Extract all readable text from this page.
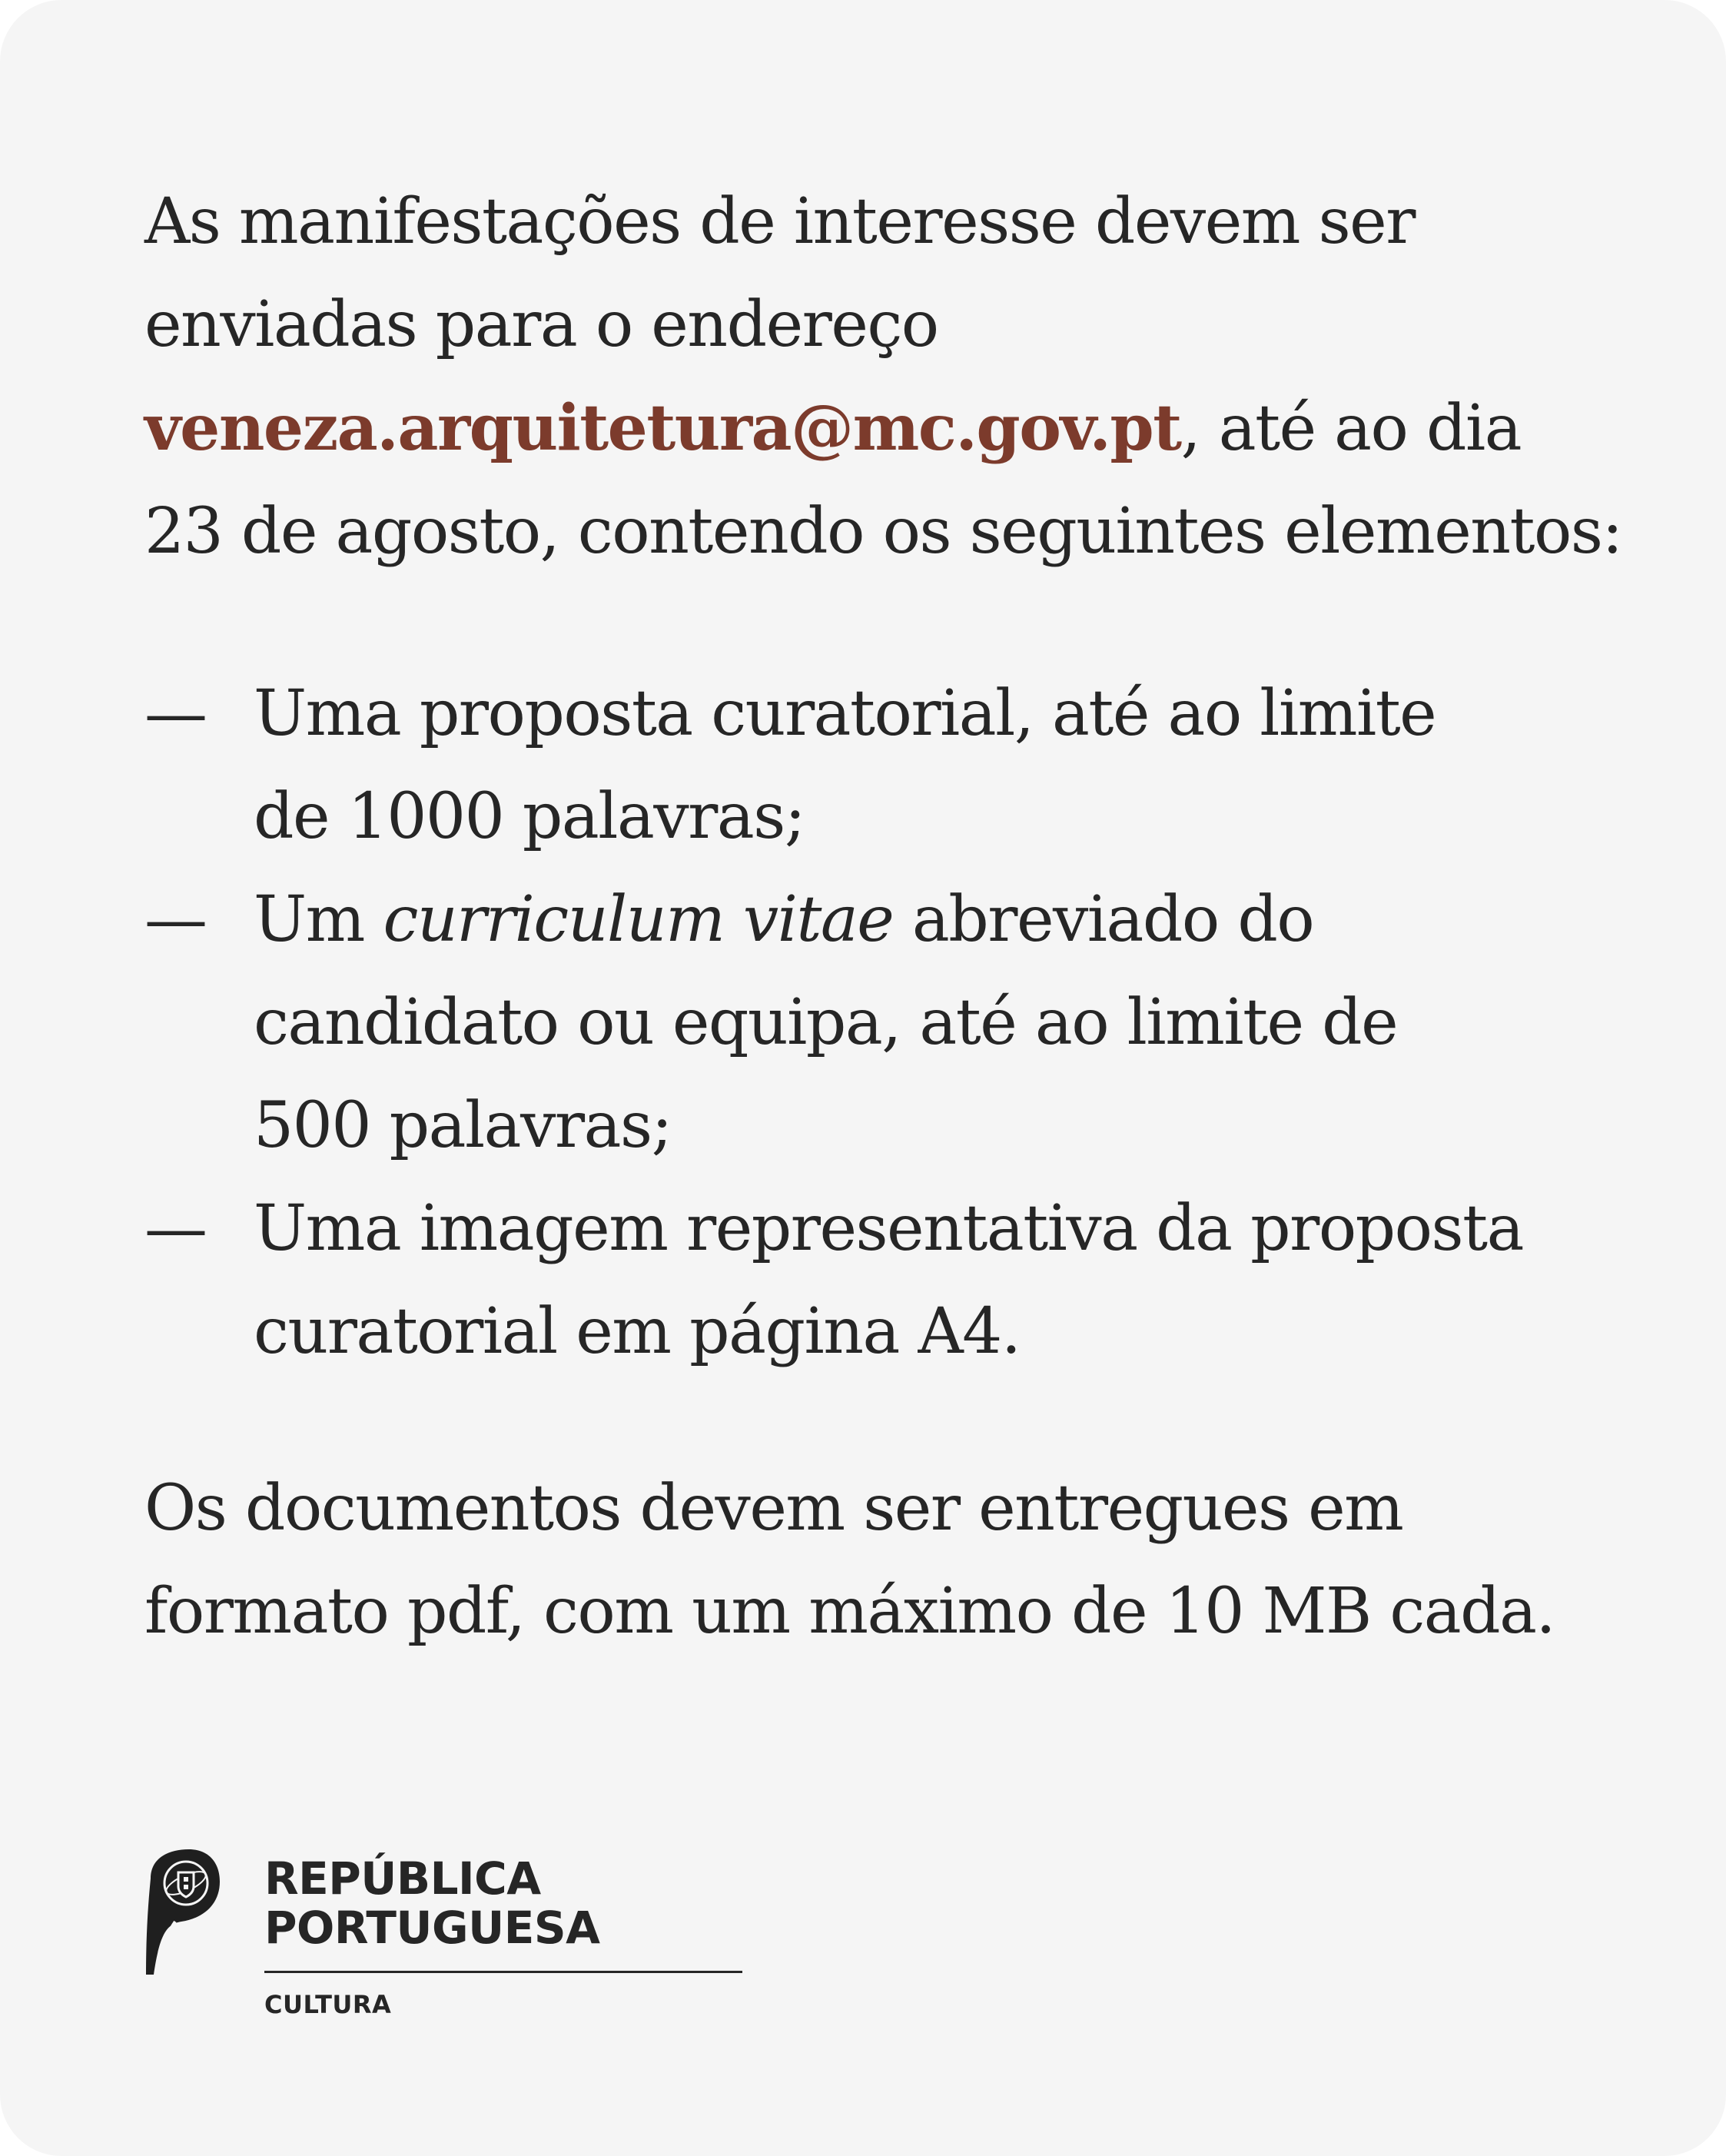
As manifestações de interesse devem ser
enviadas para o endereço
veneza.arquitetura@mc.gov.pt, até ao dia
23 de agosto, contendo os seguintes elementos:
— Uma proposta curatorial, até ao limite
de 1000 palavras;
— Um curriculum vitae abreviado do
candidato ou equipa, até ao limite de
500 palavras;
— Uma imagem representativa da proposta
curatorial em página A4.
Os documentos devem ser entregues em
formato pdf, com um máximo de 10 MB cada.
REPÚBLICA
PORTUGUESA
CULTURA
